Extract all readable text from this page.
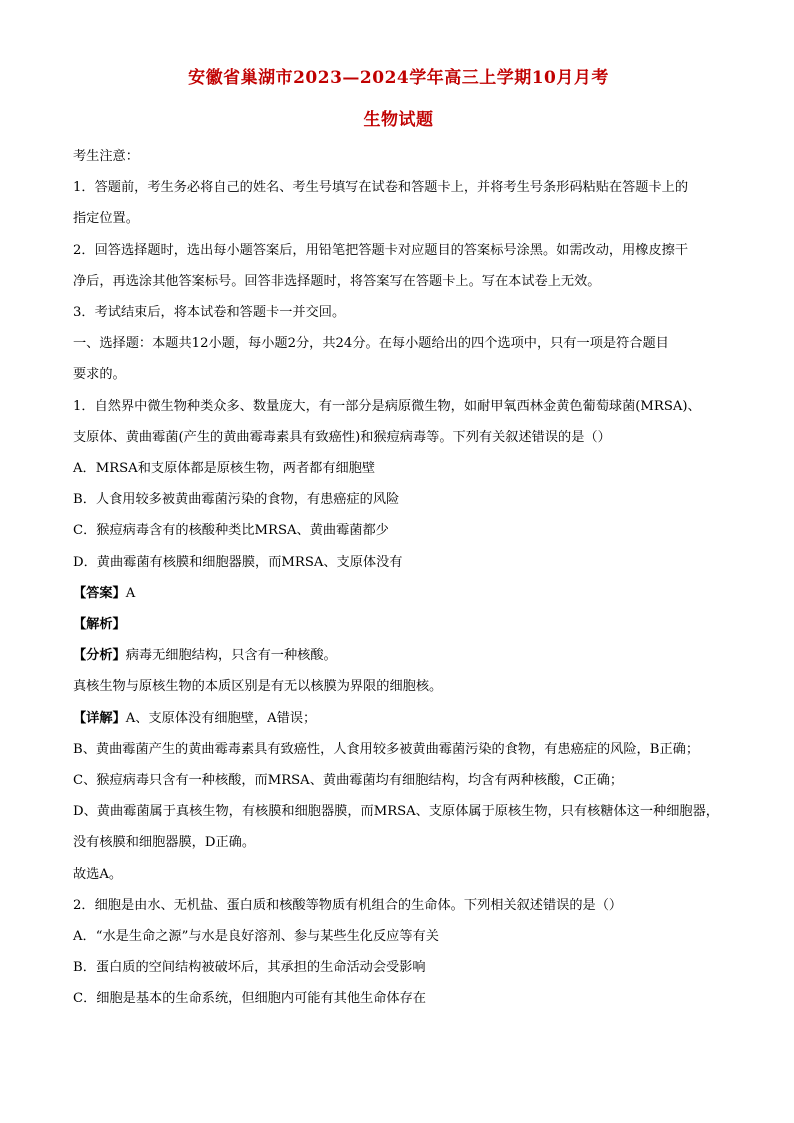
安徽省巢湖市2023—2024学年高三上学期10月月考
生物试题
考生注意：
1．答题前，考生务必将自己的姓名、考生号填写在试卷和答题卡上，并将考生号条形码粘贴在答题卡上的
指定位置。
2．回答选择题时，选出每小题答案后，用铅笔把答题卡对应题目的答案标号涂黑。如需改动，用橡皮擦干
净后，再选涂其他答案标号。回答非选择题时，将答案写在答题卡上。写在本试卷上无效。
3．考试结束后，将本试卷和答题卡一并交回。
一、选择题：本题共12小题，每小题2分，共24分。在每小题给出的四个选项中，只有一项是符合题目
要求的。
1．自然界中微生物种类众多、数量庞大，有一部分是病原微生物，如耐甲氧西林金黄色葡萄球菌(MRSA)、
支原体、黄曲霉菌(产生的黄曲霉毒素具有致癌性)和猴痘病毒等。下列有关叙述错误的是（）
A．MRSA和支原体都是原核生物，两者都有细胞壁
B．人食用较多被黄曲霉菌污染的食物，有患癌症的风险
C．猴痘病毒含有的核酸种类比MRSA、黄曲霉菌都少
D．黄曲霉菌有核膜和细胞器膜，而MRSA、支原体没有
【答案】A
【解析】
【分析】病毒无细胞结构，只含有一种核酸。
真核生物与原核生物的本质区别是有无以核膜为界限的细胞核。
【详解】A、支原体没有细胞壁，A错误；
B、黄曲霉菌产生的黄曲霉毒素具有致癌性，人食用较多被黄曲霉菌污染的食物，有患癌症的风险，B正确；
C、猴痘病毒只含有一种核酸，而MRSA、黄曲霉菌均有细胞结构，均含有两种核酸，C正确；
D、黄曲霉菌属于真核生物，有核膜和细胞器膜，而MRSA、支原体属于原核生物，只有核糖体这一种细胞器，
没有核膜和细胞器膜，D正确。
故选A。
2．细胞是由水、无机盐、蛋白质和核酸等物质有机组合的生命体。下列相关叙述错误的是（）
A．“水是生命之源”与水是良好溶剂、参与某些生化反应等有关
B．蛋白质的空间结构被破坏后，其承担的生命活动会受影响
C．细胞是基本的生命系统，但细胞内可能有其他生命体存在
